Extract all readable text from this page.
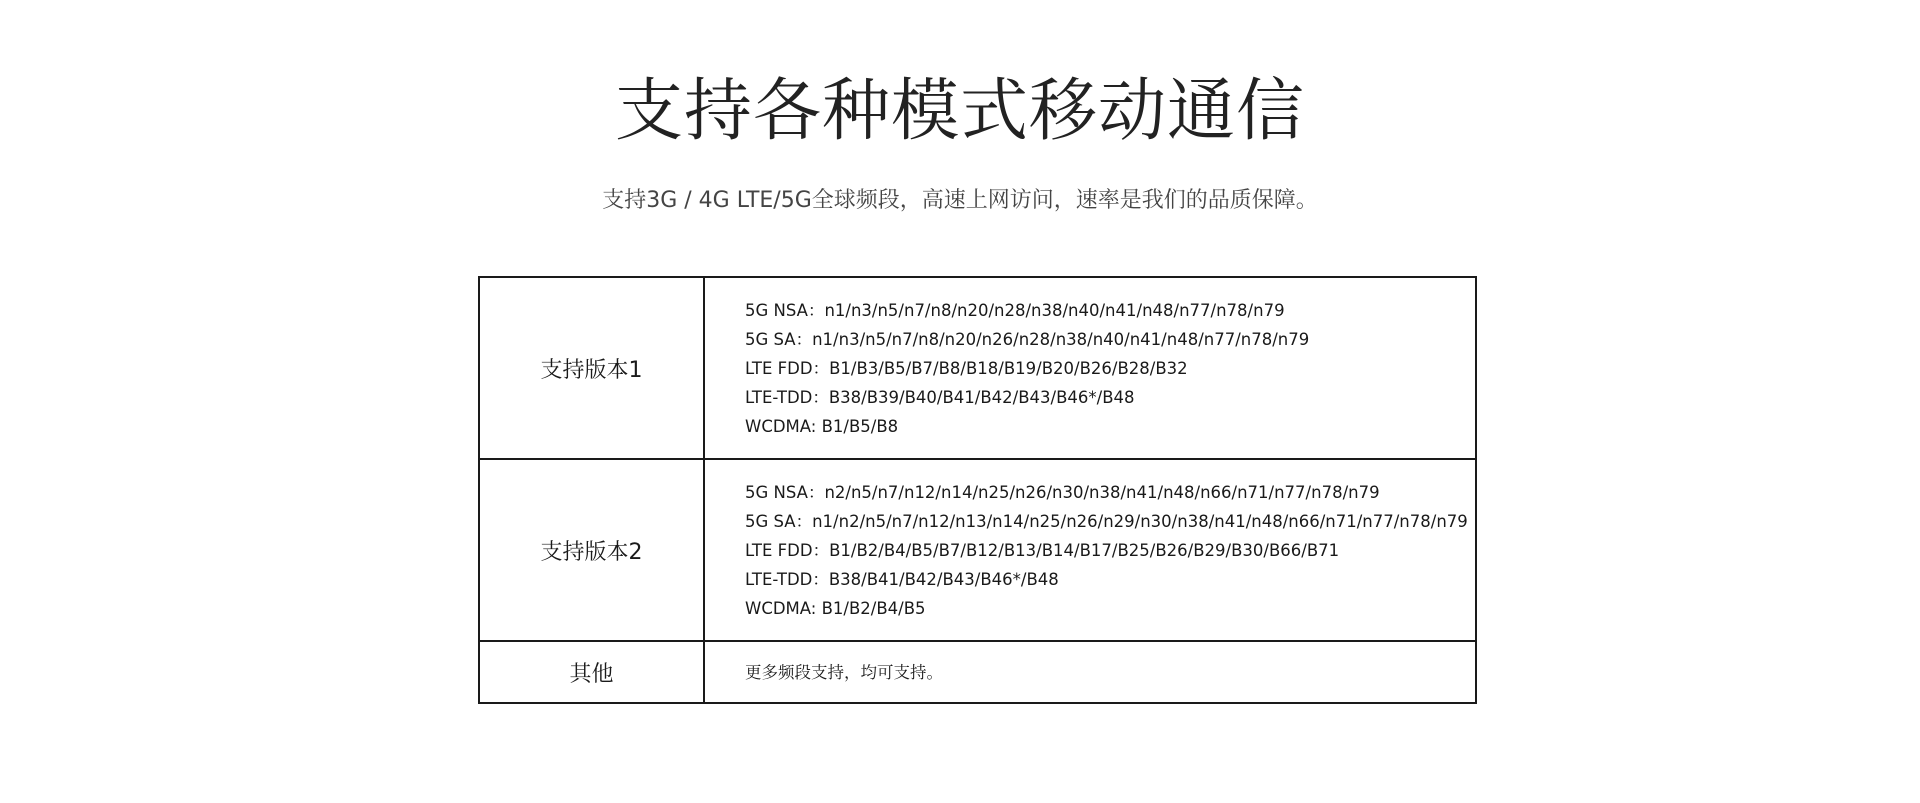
支持各种模式移动通信

支持3G / 4G LTE/5G全球频段，高速上网访问，速率是我们的品质保障。

支持版本1	5G NSA：n1/n3/n5/n7/n8/n20/n28/n38/n40/n41/n48/n77/n78/n79
5G SA：n1/n3/n5/n7/n8/n20/n26/n28/n38/n40/n41/n48/n77/n78/n79
LTE FDD：B1/B3/B5/B7/B8/B18/B19/B20/B26/B28/B32
LTE-TDD：B38/B39/B40/B41/B42/B43/B46*/B48
WCDMA: B1/B5/B8

支持版本2	5G NSA：n2/n5/n7/n12/n14/n25/n26/n30/n38/n41/n48/n66/n71/n77/n78/n79
5G SA：n1/n2/n5/n7/n12/n13/n14/n25/n26/n29/n30/n38/n41/n48/n66/n71/n77/n78/n79
LTE FDD：B1/B2/B4/B5/B7/B12/B13/B14/B17/B25/B26/B29/B30/B66/B71
LTE-TDD：B38/B41/B42/B43/B46*/B48
WCDMA: B1/B2/B4/B5

其他	更多频段支持，均可支持。
